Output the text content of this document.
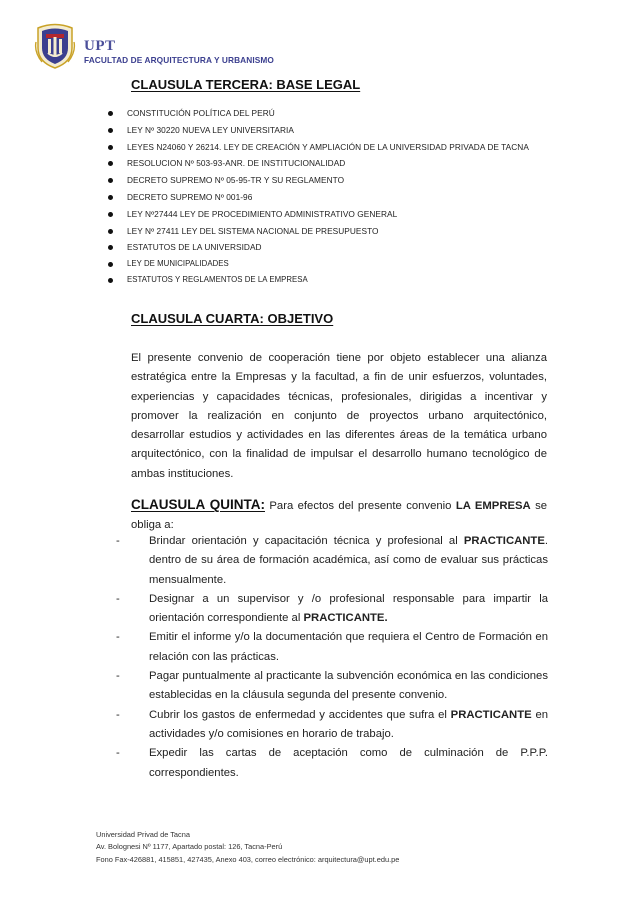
UPT
FACULTAD DE ARQUITECTURA Y URBANISMO
CLAUSULA TERCERA: BASE LEGAL
CONSTITUCIÓN POLÍTICA DEL PERÚ
LEY Nº 30220 NUEVA LEY UNIVERSITARIA
LEYES N24060 Y 26214. LEY DE CREACIÓN Y AMPLIACIÓN DE LA UNIVERSIDAD PRIVADA DE TACNA
RESOLUCION Nº 503-93-ANR. DE INSTITUCIONALIDAD
DECRETO SUPREMO Nº 05-95-TR Y SU REGLAMENTO
DECRETO SUPREMO Nº 001-96
LEY Nº27444 LEY DE PROCEDIMIENTO ADMINISTRATIVO GENERAL
LEY Nº 27411 LEY DEL SISTEMA NACIONAL DE PRESUPUESTO
ESTATUTOS DE LA UNIVERSIDAD
LEY DE MUNICIPALIDADES
ESTATUTOS Y REGLAMENTOS DE LA EMPRESA
CLAUSULA CUARTA: OBJETIVO
El presente convenio de cooperación tiene por objeto establecer una alianza estratégica entre la Empresas y la facultad, a fin de unir esfuerzos, voluntades, experiencias y capacidades técnicas, profesionales, dirigidas a incentivar y promover la realización en conjunto de proyectos urbano arquitectónico, desarrollar estudios y actividades en las diferentes áreas de la temática urbano arquitectónico, con la finalidad de impulsar el desarrollo humano tecnológico de ambas instituciones.
CLAUSULA QUINTA: Para efectos del presente convenio LA EMPRESA se
obliga a:
-	Brindar orientación y capacitación técnica y profesional al PRACTICANTE. dentro de su área de formación académica, así como de evaluar sus prácticas mensualmente.
-	Designar a un supervisor y /o profesional responsable para impartir la orientación correspondiente al PRACTICANTE.
-	Emitir el informe y/o la documentación que requiera el Centro de Formación en relación con las prácticas.
-	Pagar puntualmente al practicante la subvención económica en las condiciones establecidas en la cláusula segunda del presente convenio.
-	Cubrir los gastos de enfermedad y accidentes que sufra el PRACTICANTE en actividades y/o comisiones en horario de trabajo.
-	Expedir las cartas de aceptación como de culminación de P.P.P. correspondientes.
Universidad Privad de Tacna
Av. Bolognesi Nº 1177, Apartado postal: 126, Tacna-Perú
Fono Fax-426881, 415851, 427435, Anexo 403, correo electrónico: arquitectura@upt.edu.pe
